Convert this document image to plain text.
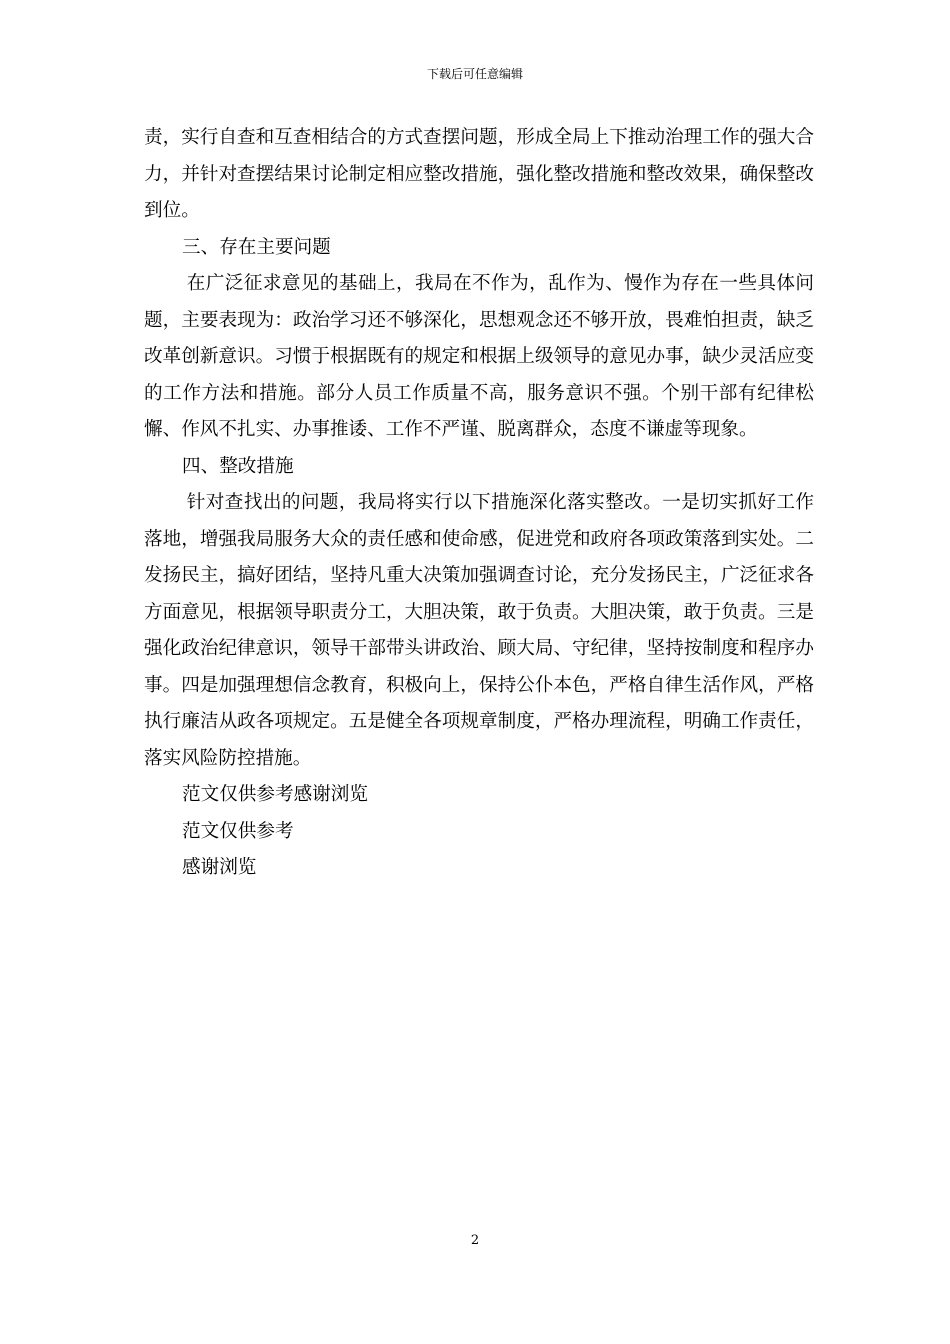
下载后可任意编辑

责，实行自查和互查相结合的方式查摆问题，形成全局上下推动治理工作的强大合力，并针对查摆结果讨论制定相应整改措施，强化整改措施和整改效果，确保整改到位。

三、存在主要问题

在广泛征求意见的基础上，我局在不作为，乱作为、慢作为存在一些具体问题，主要表现为：政治学习还不够深化，思想观念还不够开放，畏难怕担责，缺乏改革创新意识。习惯于根据既有的规定和根据上级领导的意见办事，缺少灵活应变的工作方法和措施。部分人员工作质量不高，服务意识不强。个别干部有纪律松懈、作风不扎实、办事推诿、工作不严谨、脱离群众，态度不谦虚等现象。

四、整改措施

针对查找出的问题，我局将实行以下措施深化落实整改。一是切实抓好工作落地，增强我局服务大众的责任感和使命感，促进党和政府各项政策落到实处。二发扬民主，搞好团结，坚持凡重大决策加强调查讨论，充分发扬民主，广泛征求各方面意见，根据领导职责分工，大胆决策，敢于负责。大胆决策，敢于负责。三是强化政治纪律意识，领导干部带头讲政治、顾大局、守纪律，坚持按制度和程序办事。四是加强理想信念教育，积极向上，保持公仆本色，严格自律生活作风，严格执行廉洁从政各项规定。五是健全各项规章制度，严格办理流程，明确工作责任，落实风险防控措施。

范文仅供参考感谢浏览

范文仅供参考

感谢浏览

2
